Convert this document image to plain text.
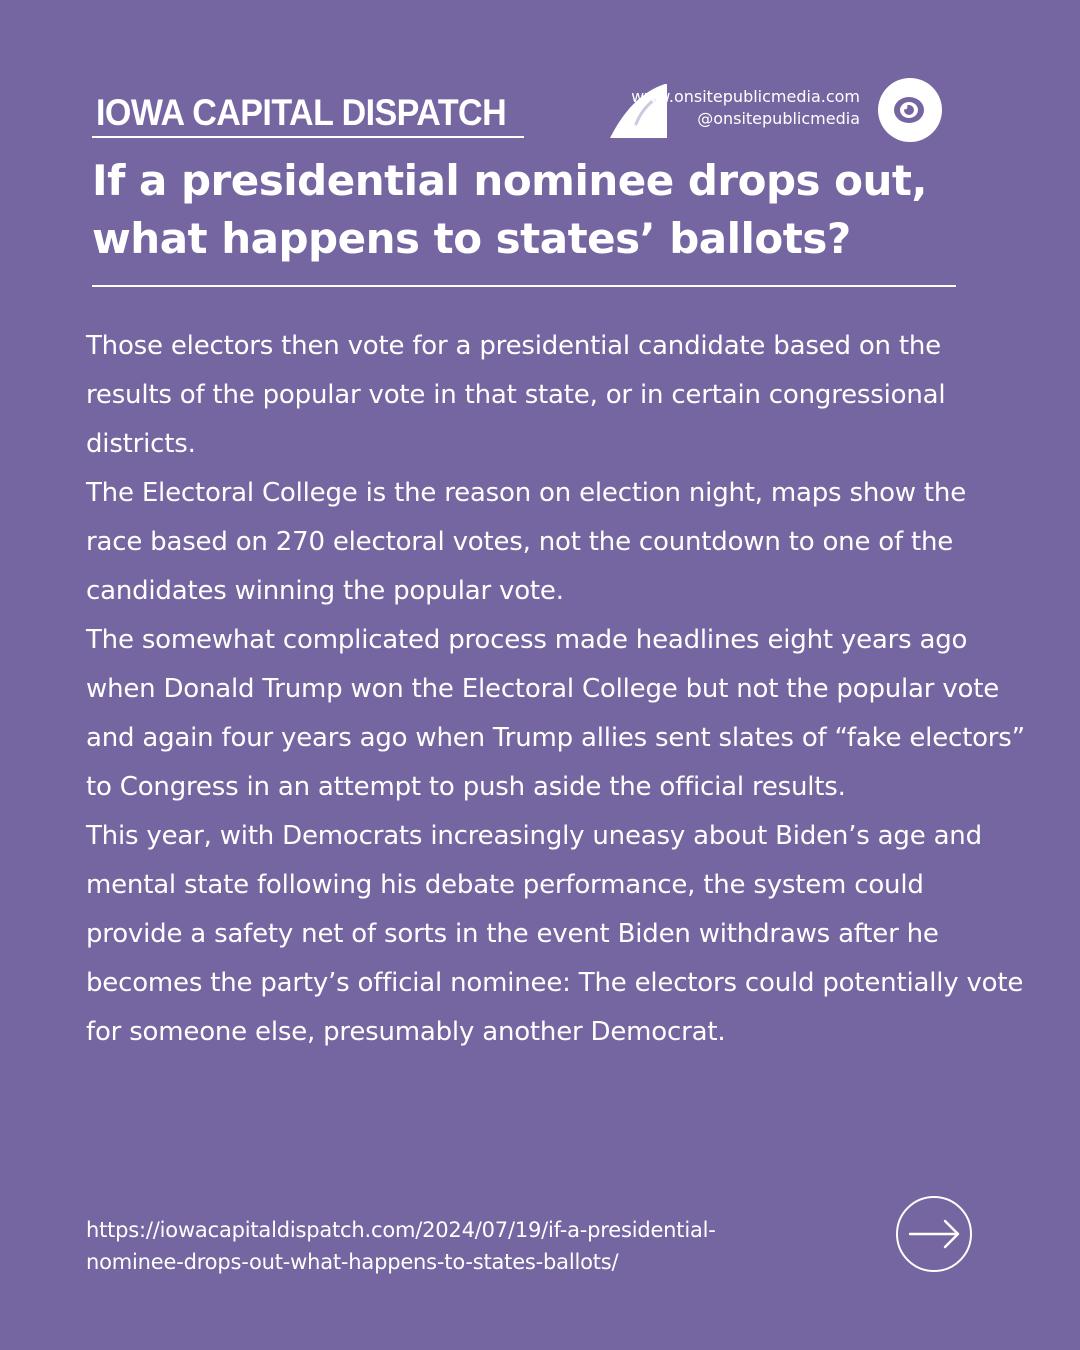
IOWA CAPITAL DISPATCH	www.onsitepublicmedia.com
@onsitepublicmedia
If a presidential nominee drops out,
what happens to states’ ballots?

Those electors then vote for a presidential candidate based on the results of the popular vote in that state, or in certain congressional districts.

The Electoral College is the reason on election night, maps show the race based on 270 electoral votes, not the countdown to one of the candidates winning the popular vote.

The somewhat complicated process made headlines eight years ago when Donald Trump won the Electoral College but not the popular vote and again four years ago when Trump allies sent slates of “fake electors” to Congress in an attempt to push aside the official results.

This year, with Democrats increasingly uneasy about Biden’s age and mental state following his debate performance, the system could provide a safety net of sorts in the event Biden withdraws after he becomes the party’s official nominee: The electors could potentially vote for someone else, presumably another Democrat.

https://iowacapitaldispatch.com/2024/07/19/if-a-presidential-
nominee-drops-out-what-happens-to-states-ballots/
